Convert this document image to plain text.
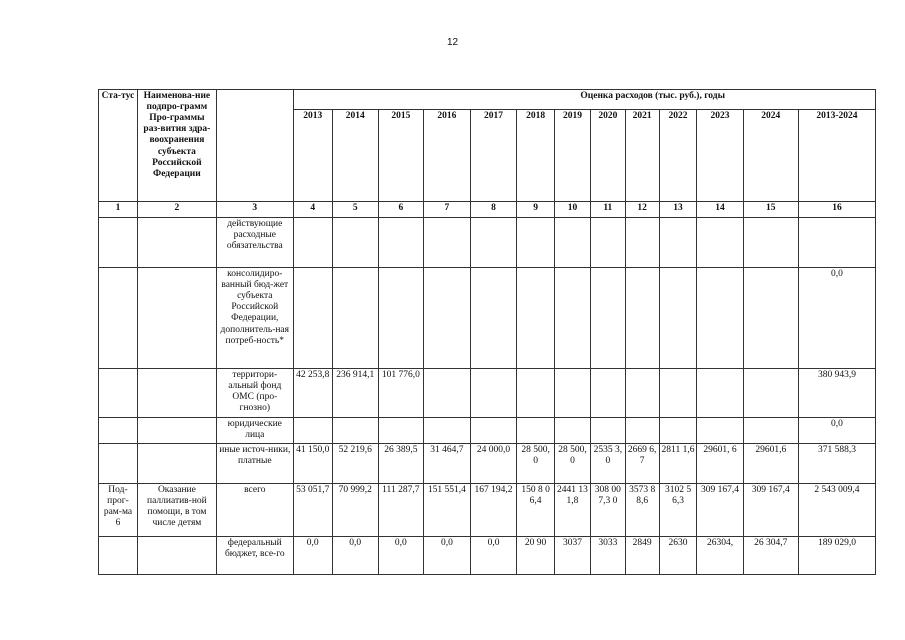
12
Ста-тус	Наименова-ние подпро-грамм Про-граммы раз-вития здра-воохранения субъекта Российской Федерации		Оценка расходов (тыс. руб.), годы												
			2013	2014	2015	2016	2017	2018	2019	2020	2021	2022	2023	2024	2013-2024
1	2	3	4	5	6	7	8	9	10	11	12	13	14	15	16
		действующие расходные обязательства													
		консолидиро-ванный бюд-жет субъекта Российской Федерации, дополнитель-ная потреб-ность*													0,0
		территори-альный фонд ОМС (про-гнозно)	42 253,8	236 914,1	101 776,0										380 943,9
		юридические лица													0,0
		иные источ-ники, платные	41 150,0	52 219,6	26 389,5	31 464,7	24 000,0	28 500,0	28 500,0	2535 3,0	2669 6,7	2811 1,6	29601, 6	29601,6	371 588,3
Под-прог-рам-ма 6	Оказание паллиатив-ной помощи, в том числе детям	всего	53 051,7	70 999,2	111 287,7	151 551,4	167 194,2	150 8 06,4	2441 131,8	308 007,3 0	3573 88,6	3102 56,3	309 167,4	309 167,4	2 543 009,4
		федеральный бюджет, все-го	0,0	0,0	0,0	0,0	0,0	20 90	3037	3033	2849	2630	26304,	26 304,7	189 029,0
